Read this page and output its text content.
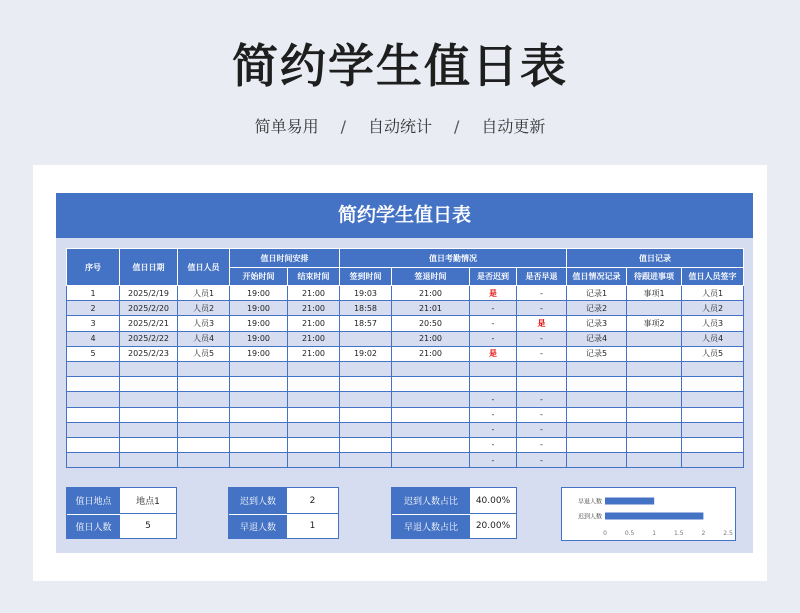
简约学生值日表
简单易用 / 自动统计 / 自动更新
简约学生值日表
序号	值日日期	值日人员	值日时间安排		值日考勤情况				值日记录		
			开始时间	结束时间	签到时间	签退时间	是否迟到	是否早退	值日情况记录	待跟进事项	值日人员签字
1	2025/2/19	人员1	19:00	21:00	19:03	21:00	是	-	记录1	事项1	人员1
2	2025/2/20	人员2	19:00	21:00	18:58	21:01	-	-	记录2		人员2
3	2025/2/21	人员3	19:00	21:00	18:57	20:50	-	是	记录3	事项2	人员3
4	2025/2/22	人员4	19:00	21:00		21:00	-	-	记录4		人员4
5	2025/2/23	人员5	19:00	21:00	19:02	21:00	是	-	记录5		人员5

							-	-			
							-	-			
							-	-			
							-	-			
							-	-			
值日地点	地点1
值日人数	5
迟到人数	2
早退人数	1
迟到人数占比	40.00%
早退人数占比	20.00%
早退人数
迟到人数
0	0.5	1	1.5	2	2.5
